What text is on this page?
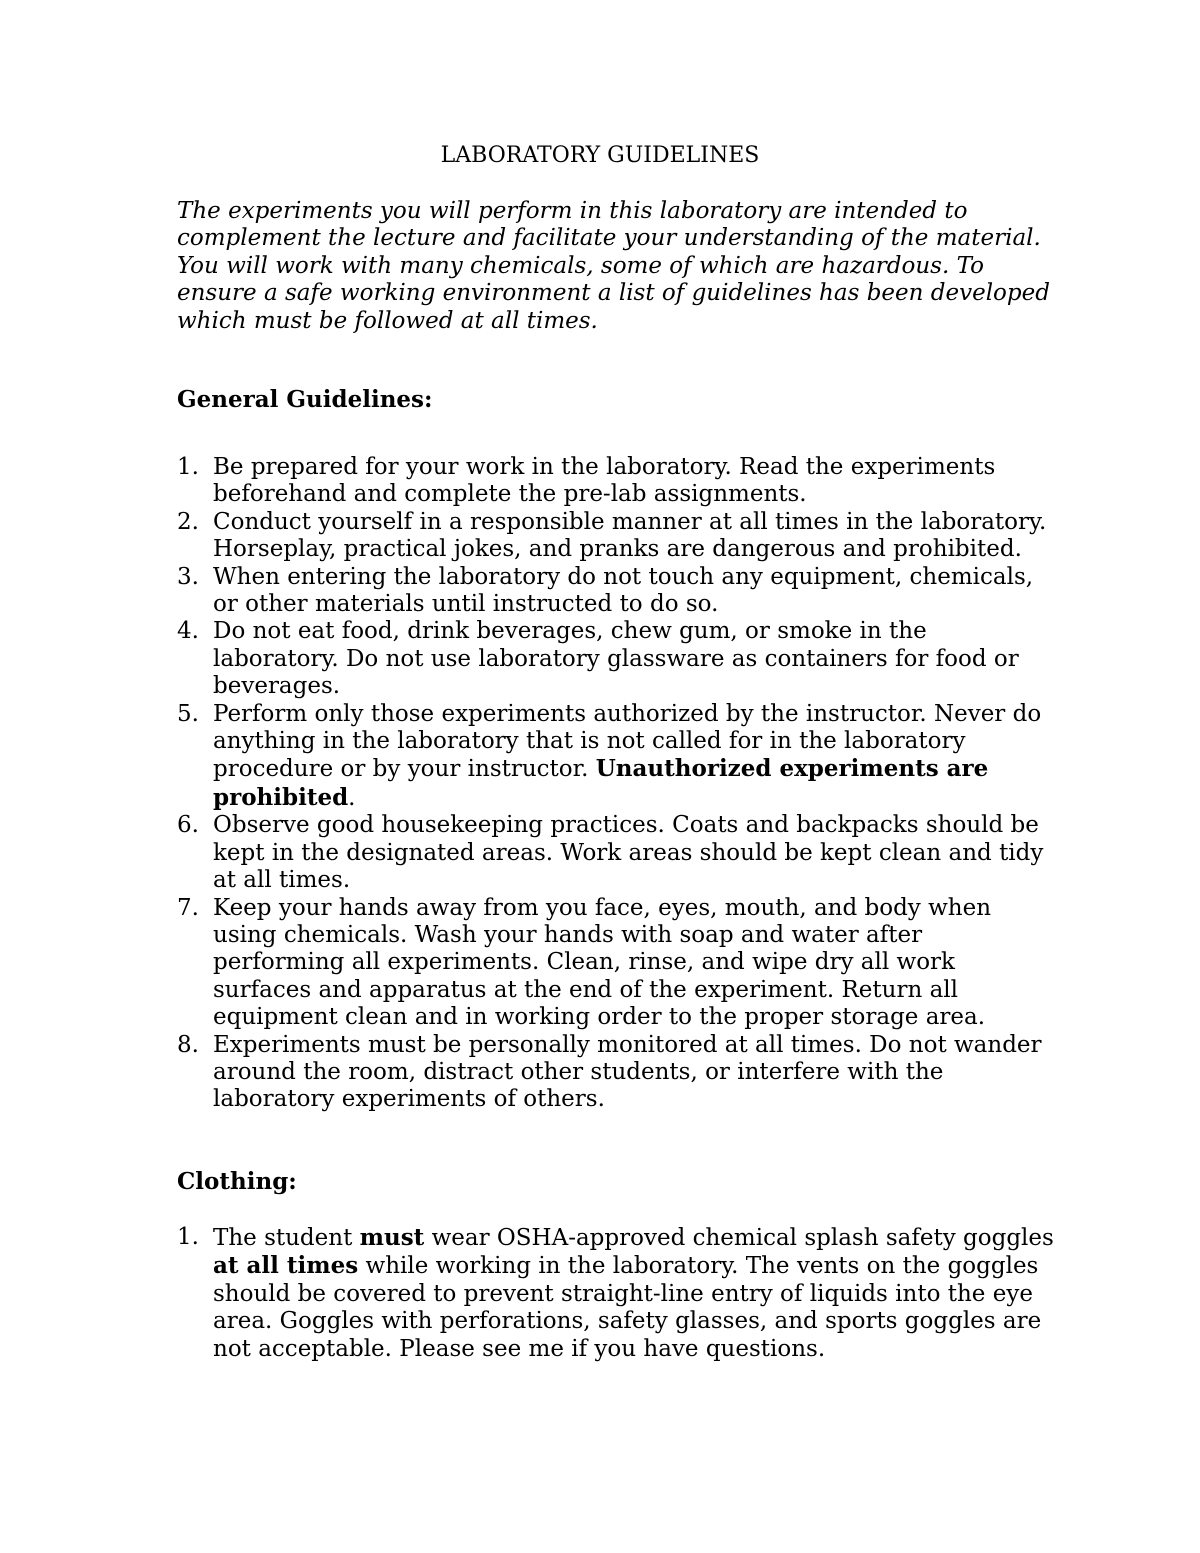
LABORATORY GUIDELINES

The experiments you will perform in this laboratory are intended to complement the lecture and facilitate your understanding of the material. You will work with many chemicals, some of which are hazardous. To ensure a safe working environment a list of guidelines has been developed which must be followed at all times.

General Guidelines:
1. Be prepared for your work in the laboratory. Read the experiments beforehand and complete the pre-lab assignments.
2. Conduct yourself in a responsible manner at all times in the laboratory. Horseplay, practical jokes, and pranks are dangerous and prohibited.
3. When entering the laboratory do not touch any equipment, chemicals, or other materials until instructed to do so.
4. Do not eat food, drink beverages, chew gum, or smoke in the laboratory. Do not use laboratory glassware as containers for food or beverages.
5. Perform only those experiments authorized by the instructor. Never do anything in the laboratory that is not called for in the laboratory procedure or by your instructor. Unauthorized experiments are prohibited.
6. Observe good housekeeping practices. Coats and backpacks should be kept in the designated areas. Work areas should be kept clean and tidy at all times.
7. Keep your hands away from you face, eyes, mouth, and body when using chemicals. Wash your hands with soap and water after performing all experiments. Clean, rinse, and wipe dry all work surfaces and apparatus at the end of the experiment. Return all equipment clean and in working order to the proper storage area.
8. Experiments must be personally monitored at all times. Do not wander around the room, distract other students, or interfere with the laboratory experiments of others.
Clothing:
1. The student must wear OSHA-approved chemical splash safety goggles at all times while working in the laboratory. The vents on the goggles should be covered to prevent straight-line entry of liquids into the eye area. Goggles with perforations, safety glasses, and sports goggles are not acceptable. Please see me if you have questions.
